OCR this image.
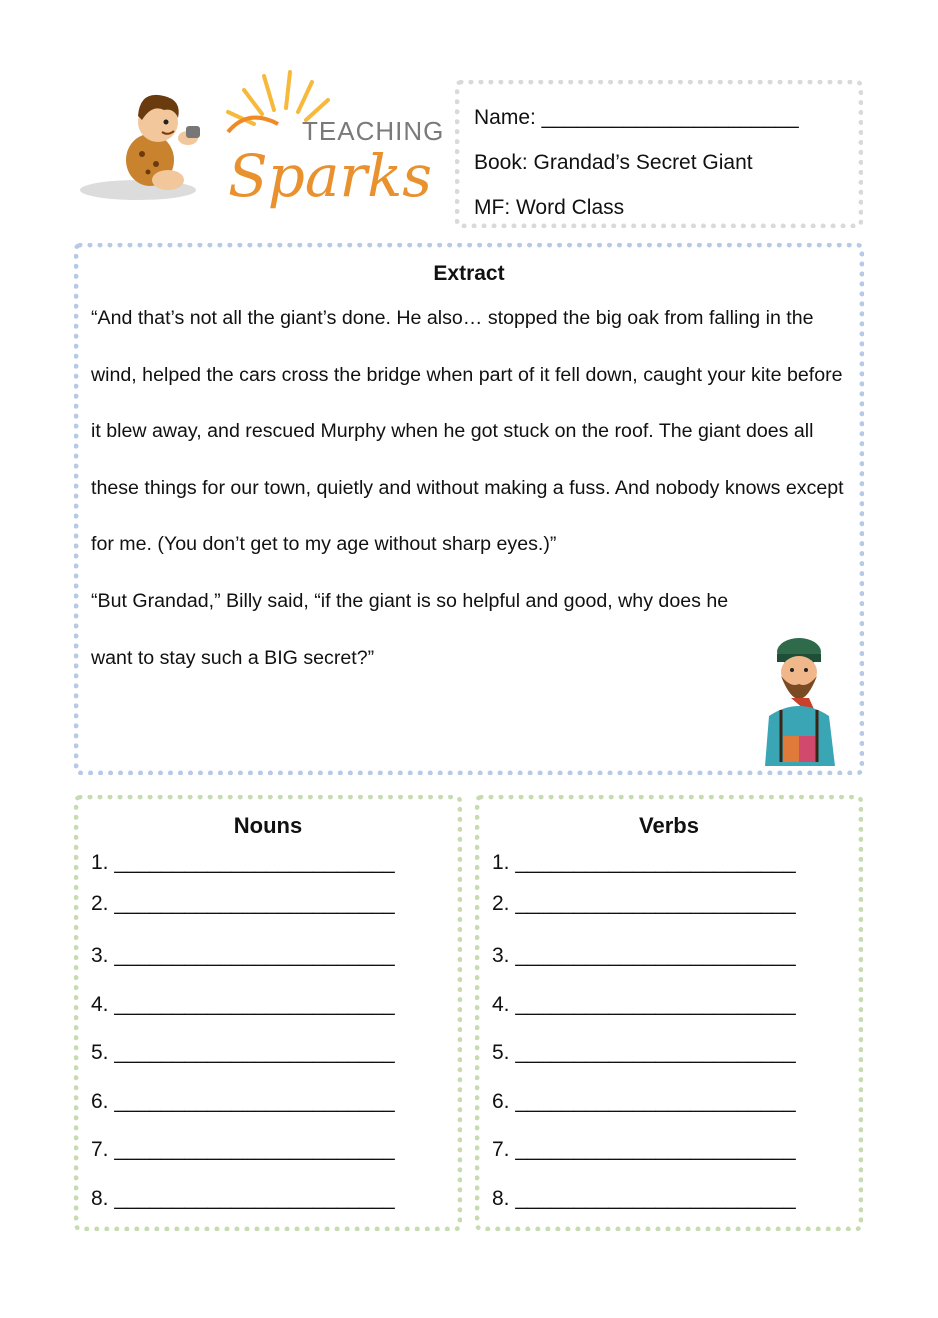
TEACHING
Sparks
Name: ______________________
Book: Grandad’s Secret Giant
MF: Word Class
Extract

“And that’s not all the giant’s done. He also… stopped the big oak from falling in the wind, helped the cars cross the bridge when part of it fell down, caught your kite before it blew away, and rescued Murphy when he got stuck on the roof. The giant does all these things for our town, quietly and without making a fuss. And nobody knows except for me. (You don’t get to my age without sharp eyes.)”

“But Grandad,” Billy said, “if the giant is so helpful and good, why does he want to stay such a BIG secret?”

Nouns
1. ________________________
2. ________________________
3. ________________________
4. ________________________
5. ________________________
6. ________________________
7. ________________________
8. ________________________
Verbs
1. ________________________
2. ________________________
3. ________________________
4. ________________________
5. ________________________
6. ________________________
7. ________________________
8. ________________________
